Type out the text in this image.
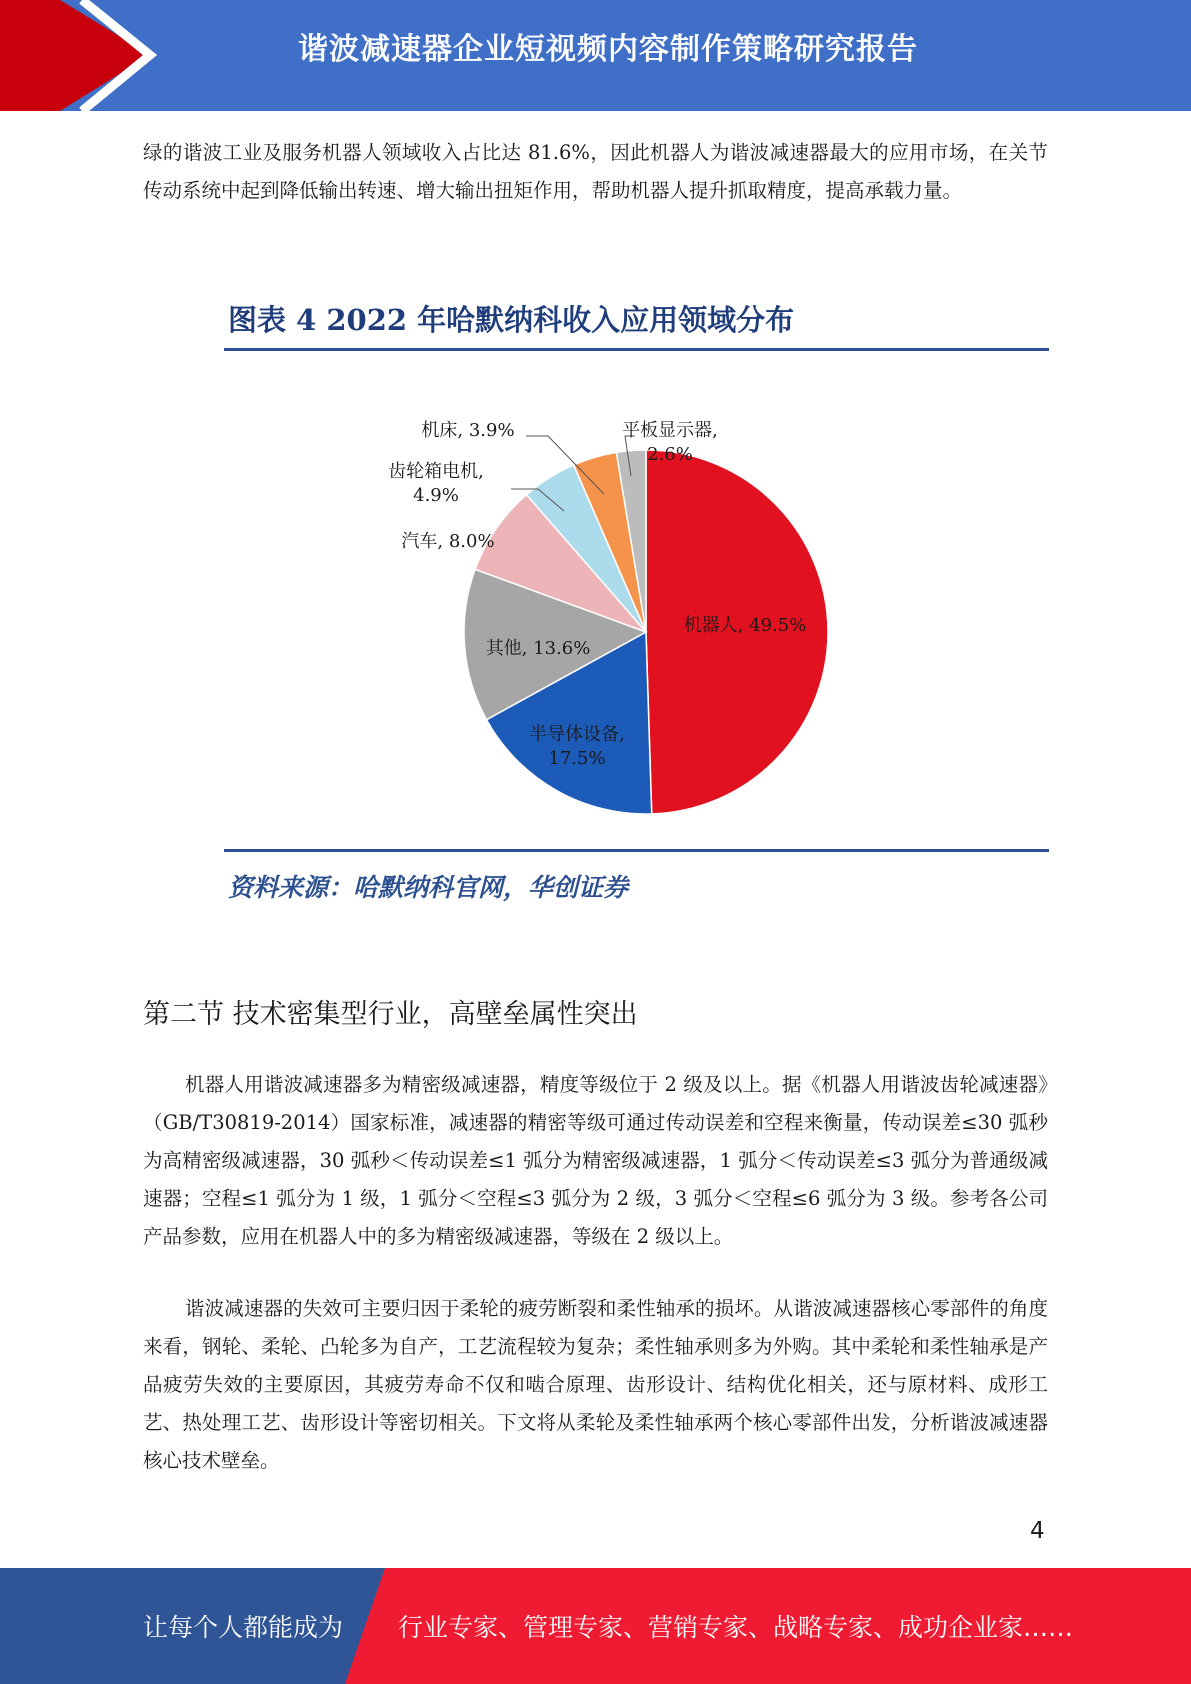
谐波减速器企业短视频内容制作策略研究报告

绿的谐波工业及服务机器人领域收入占比达 81.6%，因此机器人为谐波减速器最大的应用市场，在关节传动系统中起到降低输出转速、增大输出扭矩作用，帮助机器人提升抓取精度，提高承载力量。

图表 4 2022 年哈默纳科收入应用领域分布
机器人, 49.5%
半导体设备, 17.5%
其他, 13.6%
汽车, 8.0%
齿轮箱电机, 4.9%
机床, 3.9%	平板显示器, 2.6%
资料来源：哈默纳科官网，华创证券
第二节 技术密集型行业，高壁垒属性突出

机器人用谐波减速器多为精密级减速器，精度等级位于 2 级及以上。据《机器人用谐波齿轮减速器》（GB/T30819-2014）国家标准，减速器的精密等级可通过传动误差和空程来衡量，传动误差≤30 弧秒为高精密级减速器，30 弧秒＜传动误差≤1 弧分为精密级减速器，1 弧分＜传动误差≤3 弧分为普通级减速器；空程≤1 弧分为 1 级，1 弧分＜空程≤3 弧分为 2 级，3 弧分＜空程≤6 弧分为 3 级。参考各公司产品参数，应用在机器人中的多为精密级减速器，等级在 2 级以上。

谐波减速器的失效可主要归因于柔轮的疲劳断裂和柔性轴承的损坏。从谐波减速器核心零部件的角度来看，钢轮、柔轮、凸轮多为自产，工艺流程较为复杂；柔性轴承则多为外购。其中柔轮和柔性轴承是产品疲劳失效的主要原因，其疲劳寿命不仅和啮合原理、齿形设计、结构优化相关，还与原材料、成形工艺、热处理工艺、齿形设计等密切相关。下文将从柔轮及柔性轴承两个核心零部件出发，分析谐波减速器核心技术壁垒。

4
让每个人都能成为 行业专家、管理专家、营销专家、战略专家、成功企业家……
